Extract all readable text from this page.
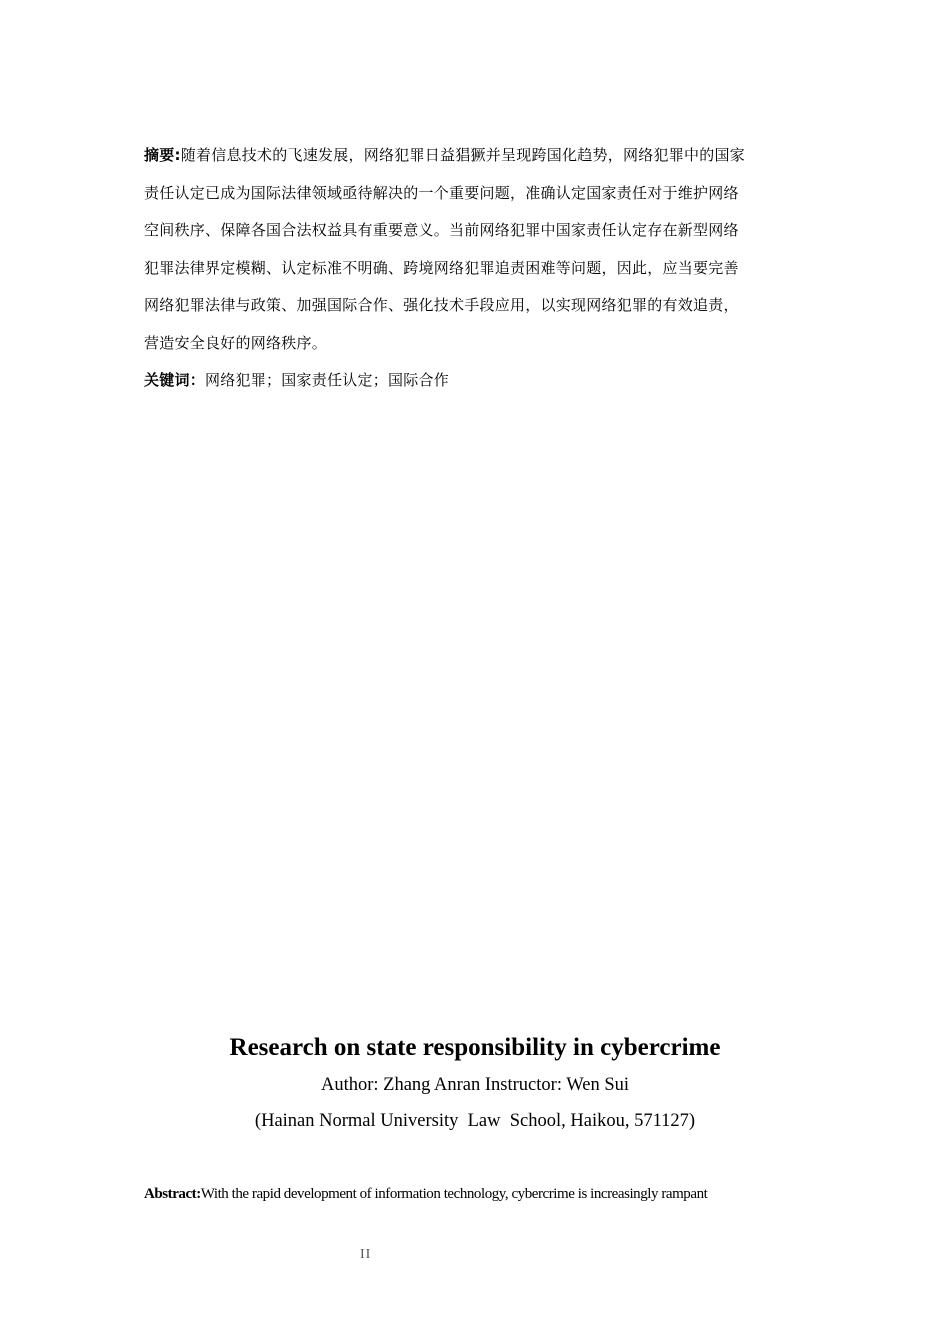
摘要:随着信息技术的飞速发展，网络犯罪日益猖獗并呈现跨国化趋势，网络犯罪中的国家

责任认定已成为国际法律领域亟待解决的一个重要问题，准确认定国家责任对于维护网络

空间秩序、保障各国合法权益具有重要意义。当前网络犯罪中国家责任认定存在新型网络

犯罪法律界定模糊、认定标准不明确、跨境网络犯罪追责困难等问题，因此，应当要完善

网络犯罪法律与政策、加强国际合作、强化技术手段应用，以实现网络犯罪的有效追责，

营造安全良好的网络秩序。

关键词：网络犯罪；国家责任认定；国际合作

Research on state responsibility in cybercrime
Author: Zhang Anran Instructor: Wen Sui
(Hainan Normal University  Law  School, Haikou, 571127)
Abstract:With the rapid development of information technology, cybercrime is increasingly rampant
II
